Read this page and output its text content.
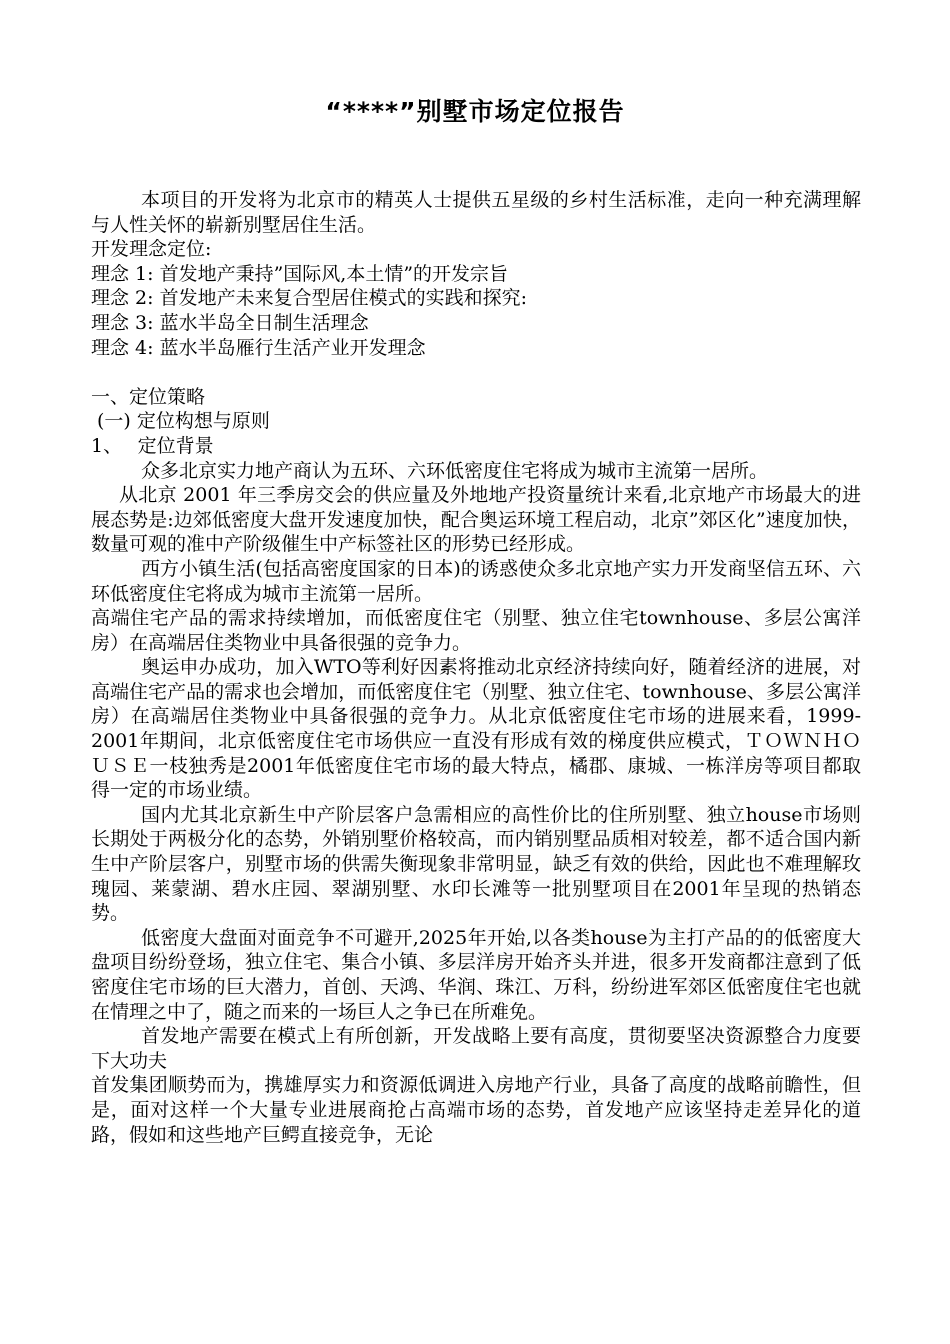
“****”别墅市场定位报告

本项目的开发将为北京市的精英人士提供五星级的乡村生活标准，走向一种充满理解与人性关怀的崭新别墅居住生活。

开发理念定位:

理念 1: 首发地产秉持”国际风,本土情”的开发宗旨

理念 2: 首发地产未来复合型居住模式的实践和探究:

理念 3: 蓝水半岛全日制生活理念

理念 4: 蓝水半岛雁行生活产业开发理念

一、定位策略

(一) 定位构想与原则

1、　 定位背景

众多北京实力地产商认为五环、六环低密度住宅将成为城市主流第一居所。

从北京 2001 年三季房交会的供应量及外地地产投资量统计来看,北京地产市场最大的进展态势是:边郊低密度大盘开发速度加快，配合奥运环境工程启动，北京”郊区化”速度加快，数量可观的准中产阶级催生中产标签社区的形势已经形成。

西方小镇生活(包括高密度国家的日本)的诱惑使众多北京地产实力开发商坚信五环、六环低密度住宅将成为城市主流第一居所。

高端住宅产品的需求持续增加，而低密度住宅（别墅、独立住宅townhouse、多层公寓洋房）在高端居住类物业中具备很强的竞争力。

奥运申办成功，加入WTO等利好因素将推动北京经济持续向好，随着经济的进展，对高端住宅产品的需求也会增加，而低密度住宅（别墅、独立住宅、townhouse、多层公寓洋房）在高端居住类物业中具备很强的竞争力。从北京低密度住宅市场的进展来看，1999-2001年期间，北京低密度住宅市场供应一直没有形成有效的梯度供应模式，ＴＯＷＮＨＯＵＳＥ一枝独秀是2001年低密度住宅市场的最大特点，橘郡、康城、一栋洋房等项目都取得一定的市场业绩。

国内尤其北京新生中产阶层客户急需相应的高性价比的住所别墅、独立house市场则长期处于两极分化的态势，外销别墅价格较高，而内销别墅品质相对较差，都不适合国内新生中产阶层客户，别墅市场的供需失衡现象非常明显，缺乏有效的供给，因此也不难理解玫瑰园、莱蒙湖、碧水庄园、翠湖别墅、水印长滩等一批别墅项目在2001年呈现的热销态势。

低密度大盘面对面竞争不可避开,2025年开始,以各类house为主打产品的的低密度大盘项目纷纷登场，独立住宅、集合小镇、多层洋房开始齐头并进，很多开发商都注意到了低密度住宅市场的巨大潜力，首创、天鸿、华润、珠江、万科，纷纷进军郊区低密度住宅也就在情理之中了，随之而来的一场巨人之争已在所难免。

首发地产需要在模式上有所创新，开发战略上要有高度，贯彻要坚决资源整合力度要下大功夫

首发集团顺势而为，携雄厚实力和资源低调进入房地产行业，具备了高度的战略前瞻性，但是，面对这样一个大量专业进展商抢占高端市场的态势，首发地产应该坚持走差异化的道路，假如和这些地产巨鳄直接竞争，无论
